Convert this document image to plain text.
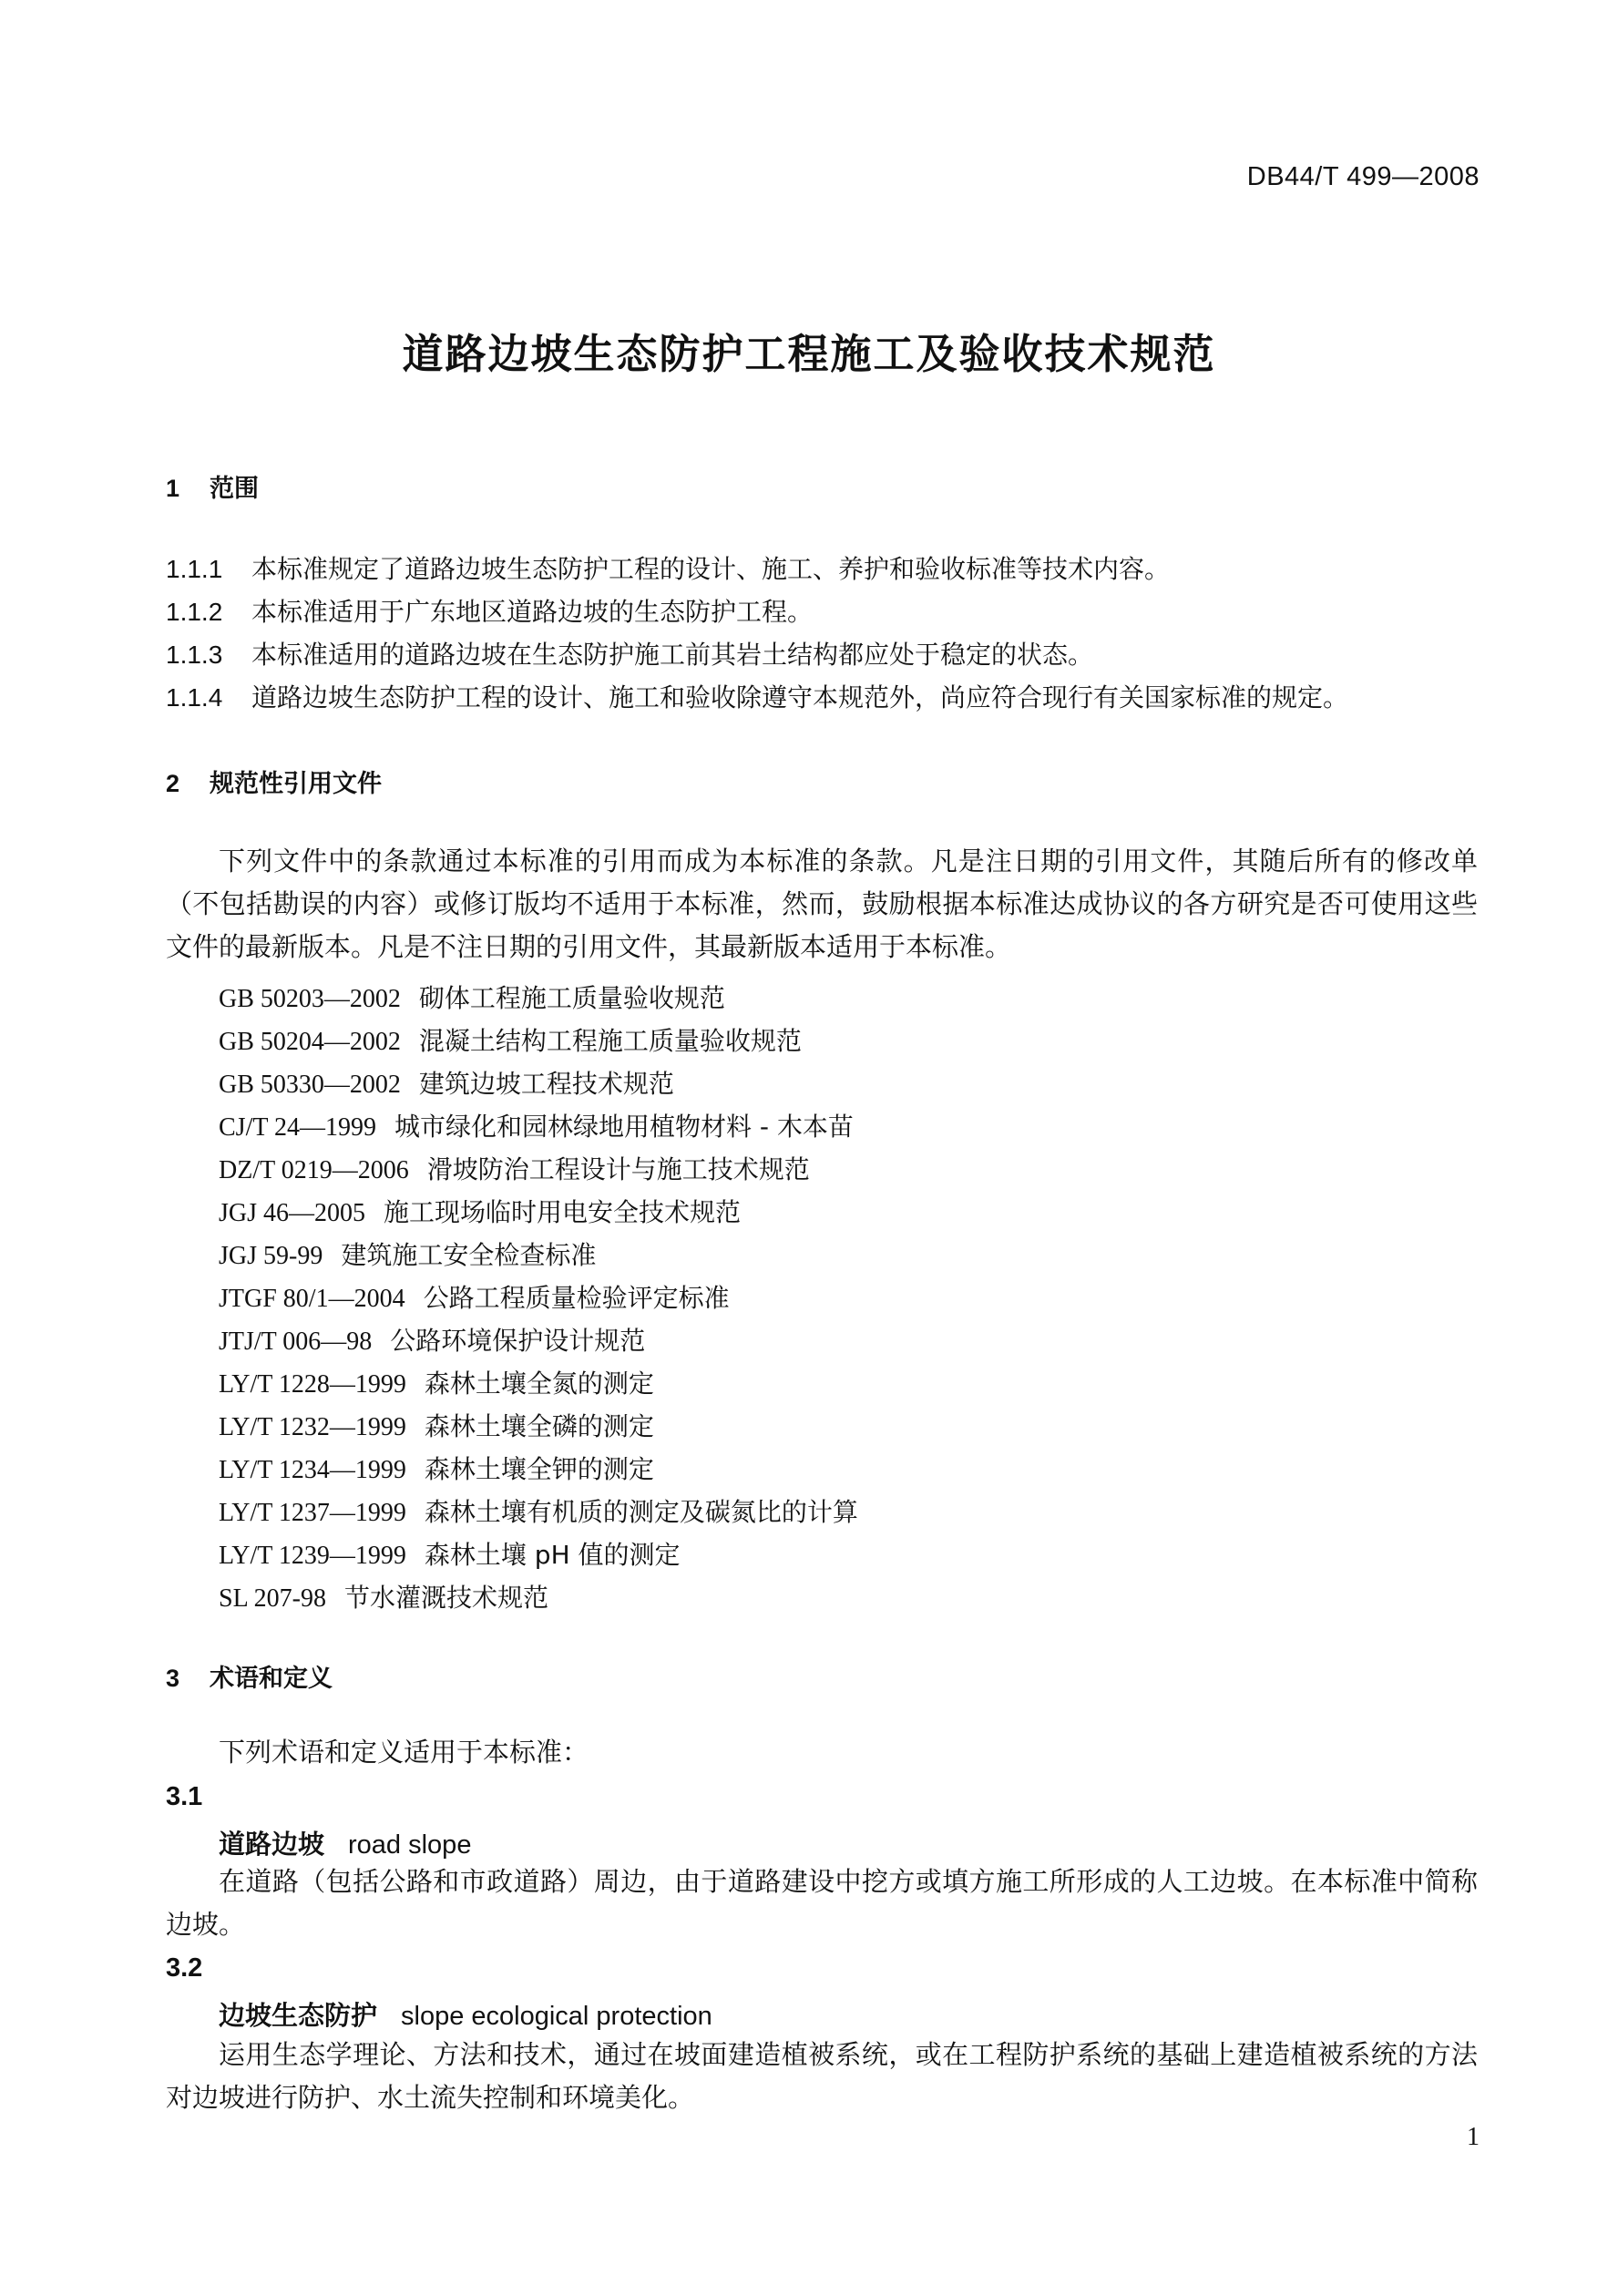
DB44/T 499—2008
道路边坡生态防护工程施工及验收技术规范
1 范围
1.1.1 本标准规定了道路边坡生态防护工程的设计、施工、养护和验收标准等技术内容。
1.1.2 本标准适用于广东地区道路边坡的生态防护工程。
1.1.3 本标准适用的道路边坡在生态防护施工前其岩土结构都应处于稳定的状态。
1.1.4 道路边坡生态防护工程的设计、施工和验收除遵守本规范外，尚应符合现行有关国家标准的规定。
2 规范性引用文件
下列文件中的条款通过本标准的引用而成为本标准的条款。凡是注日期的引用文件，其随后所有的修改单（不包括勘误的内容）或修订版均不适用于本标准，然而，鼓励根据本标准达成协议的各方研究是否可使用这些文件的最新版本。凡是不注日期的引用文件，其最新版本适用于本标准。
GB 50203—2002 砌体工程施工质量验收规范
GB 50204—2002 混凝土结构工程施工质量验收规范
GB 50330—2002 建筑边坡工程技术规范
CJ/T 24—1999 城市绿化和园林绿地用植物材料 - 木本苗
DZ/T 0219—2006 滑坡防治工程设计与施工技术规范
JGJ 46—2005 施工现场临时用电安全技术规范
JGJ 59-99 建筑施工安全检查标准
JTGF 80/1—2004 公路工程质量检验评定标准
JTJ/T 006—98 公路环境保护设计规范
LY/T 1228—1999 森林土壤全氮的测定
LY/T 1232—1999 森林土壤全磷的测定
LY/T 1234—1999 森林土壤全钾的测定
LY/T 1237—1999 森林土壤有机质的测定及碳氮比的计算
LY/T 1239—1999 森林土壤 pH 值的测定
SL 207-98 节水灌溉技术规范
3 术语和定义
下列术语和定义适用于本标准：
3.1
道路边坡 road slope
在道路（包括公路和市政道路）周边，由于道路建设中挖方或填方施工所形成的人工边坡。在本标准中简称边坡。
3.2
边坡生态防护 slope ecological protection
运用生态学理论、方法和技术，通过在坡面建造植被系统，或在工程防护系统的基础上建造植被系统的方法对边坡进行防护、水土流失控制和环境美化。
1
